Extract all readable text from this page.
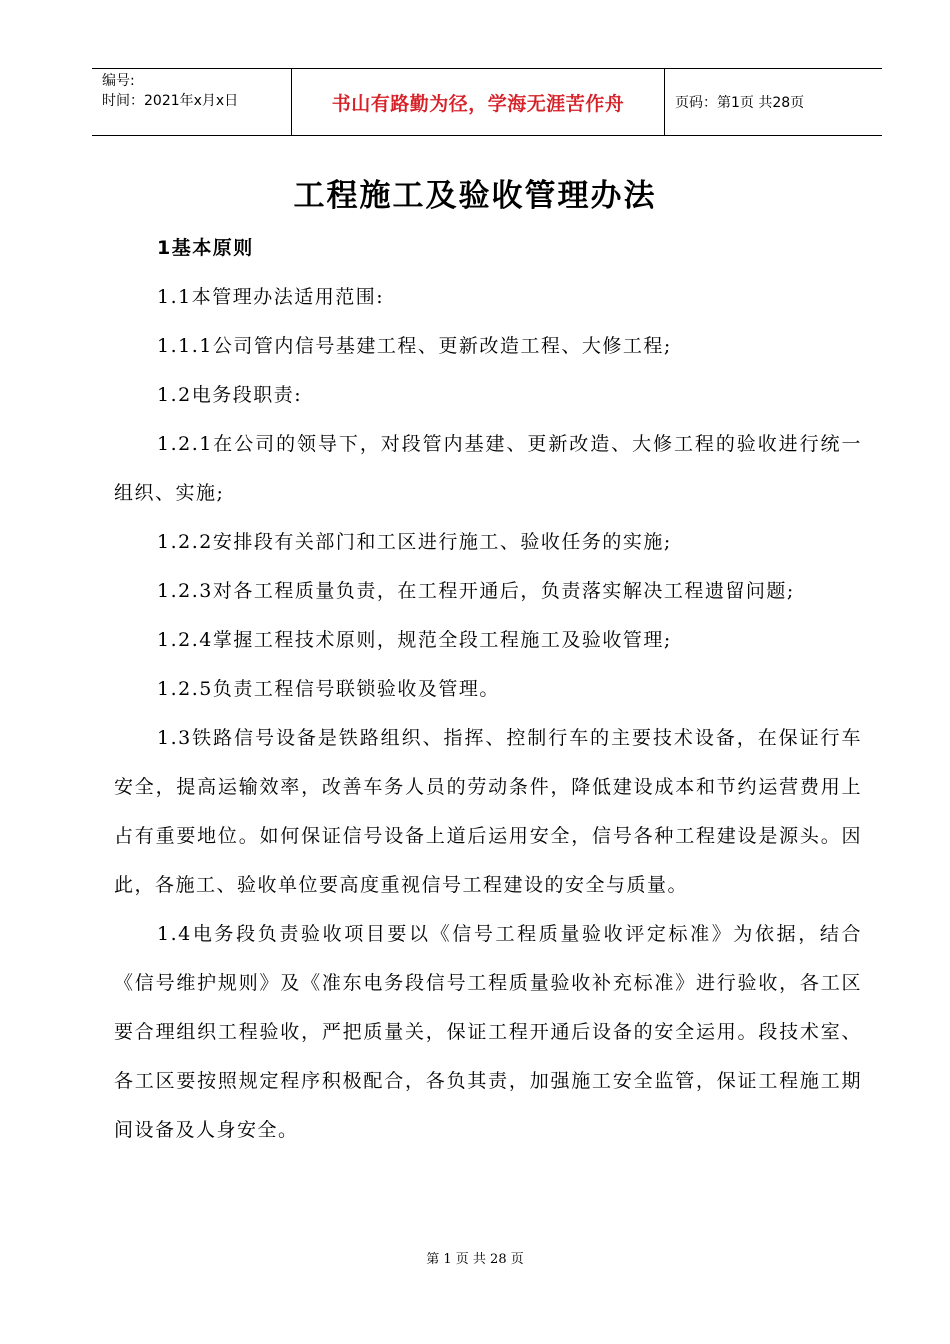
编号:
时间：2021年x月x日	书山有路勤为径，学海无涯苦作舟	页码：第1页 共28页
工程施工及验收管理办法

1基本原则

1.1本管理办法适用范围:

1.1.1公司管内信号基建工程、更新改造工程、大修工程;

1.2电务段职责:

1.2.1在公司的领导下，对段管内基建、更新改造、大修工程的验收进行统一组织、实施;

1.2.2安排段有关部门和工区进行施工、验收任务的实施;

1.2.3对各工程质量负责，在工程开通后，负责落实解决工程遗留问题;

1.2.4掌握工程技术原则，规范全段工程施工及验收管理;

1.2.5负责工程信号联锁验收及管理。

1.3铁路信号设备是铁路组织、指挥、控制行车的主要技术设备，在保证行车安全，提高运输效率，改善车务人员的劳动条件，降低建设成本和节约运营费用上占有重要地位。如何保证信号设备上道后运用安全，信号各种工程建设是源头。因此，各施工、验收单位要高度重视信号工程建设的安全与质量。

1.4电务段负责验收项目要以《信号工程质量验收评定标准》为依据，结合《信号维护规则》及《准东电务段信号工程质量验收补充标准》进行验收，各工区要合理组织工程验收，严把质量关，保证工程开通后设备的安全运用。段技术室、各工区要按照规定程序积极配合，各负其责，加强施工安全监管，保证工程施工期间设备及人身安全。

第 1 页 共 28 页
